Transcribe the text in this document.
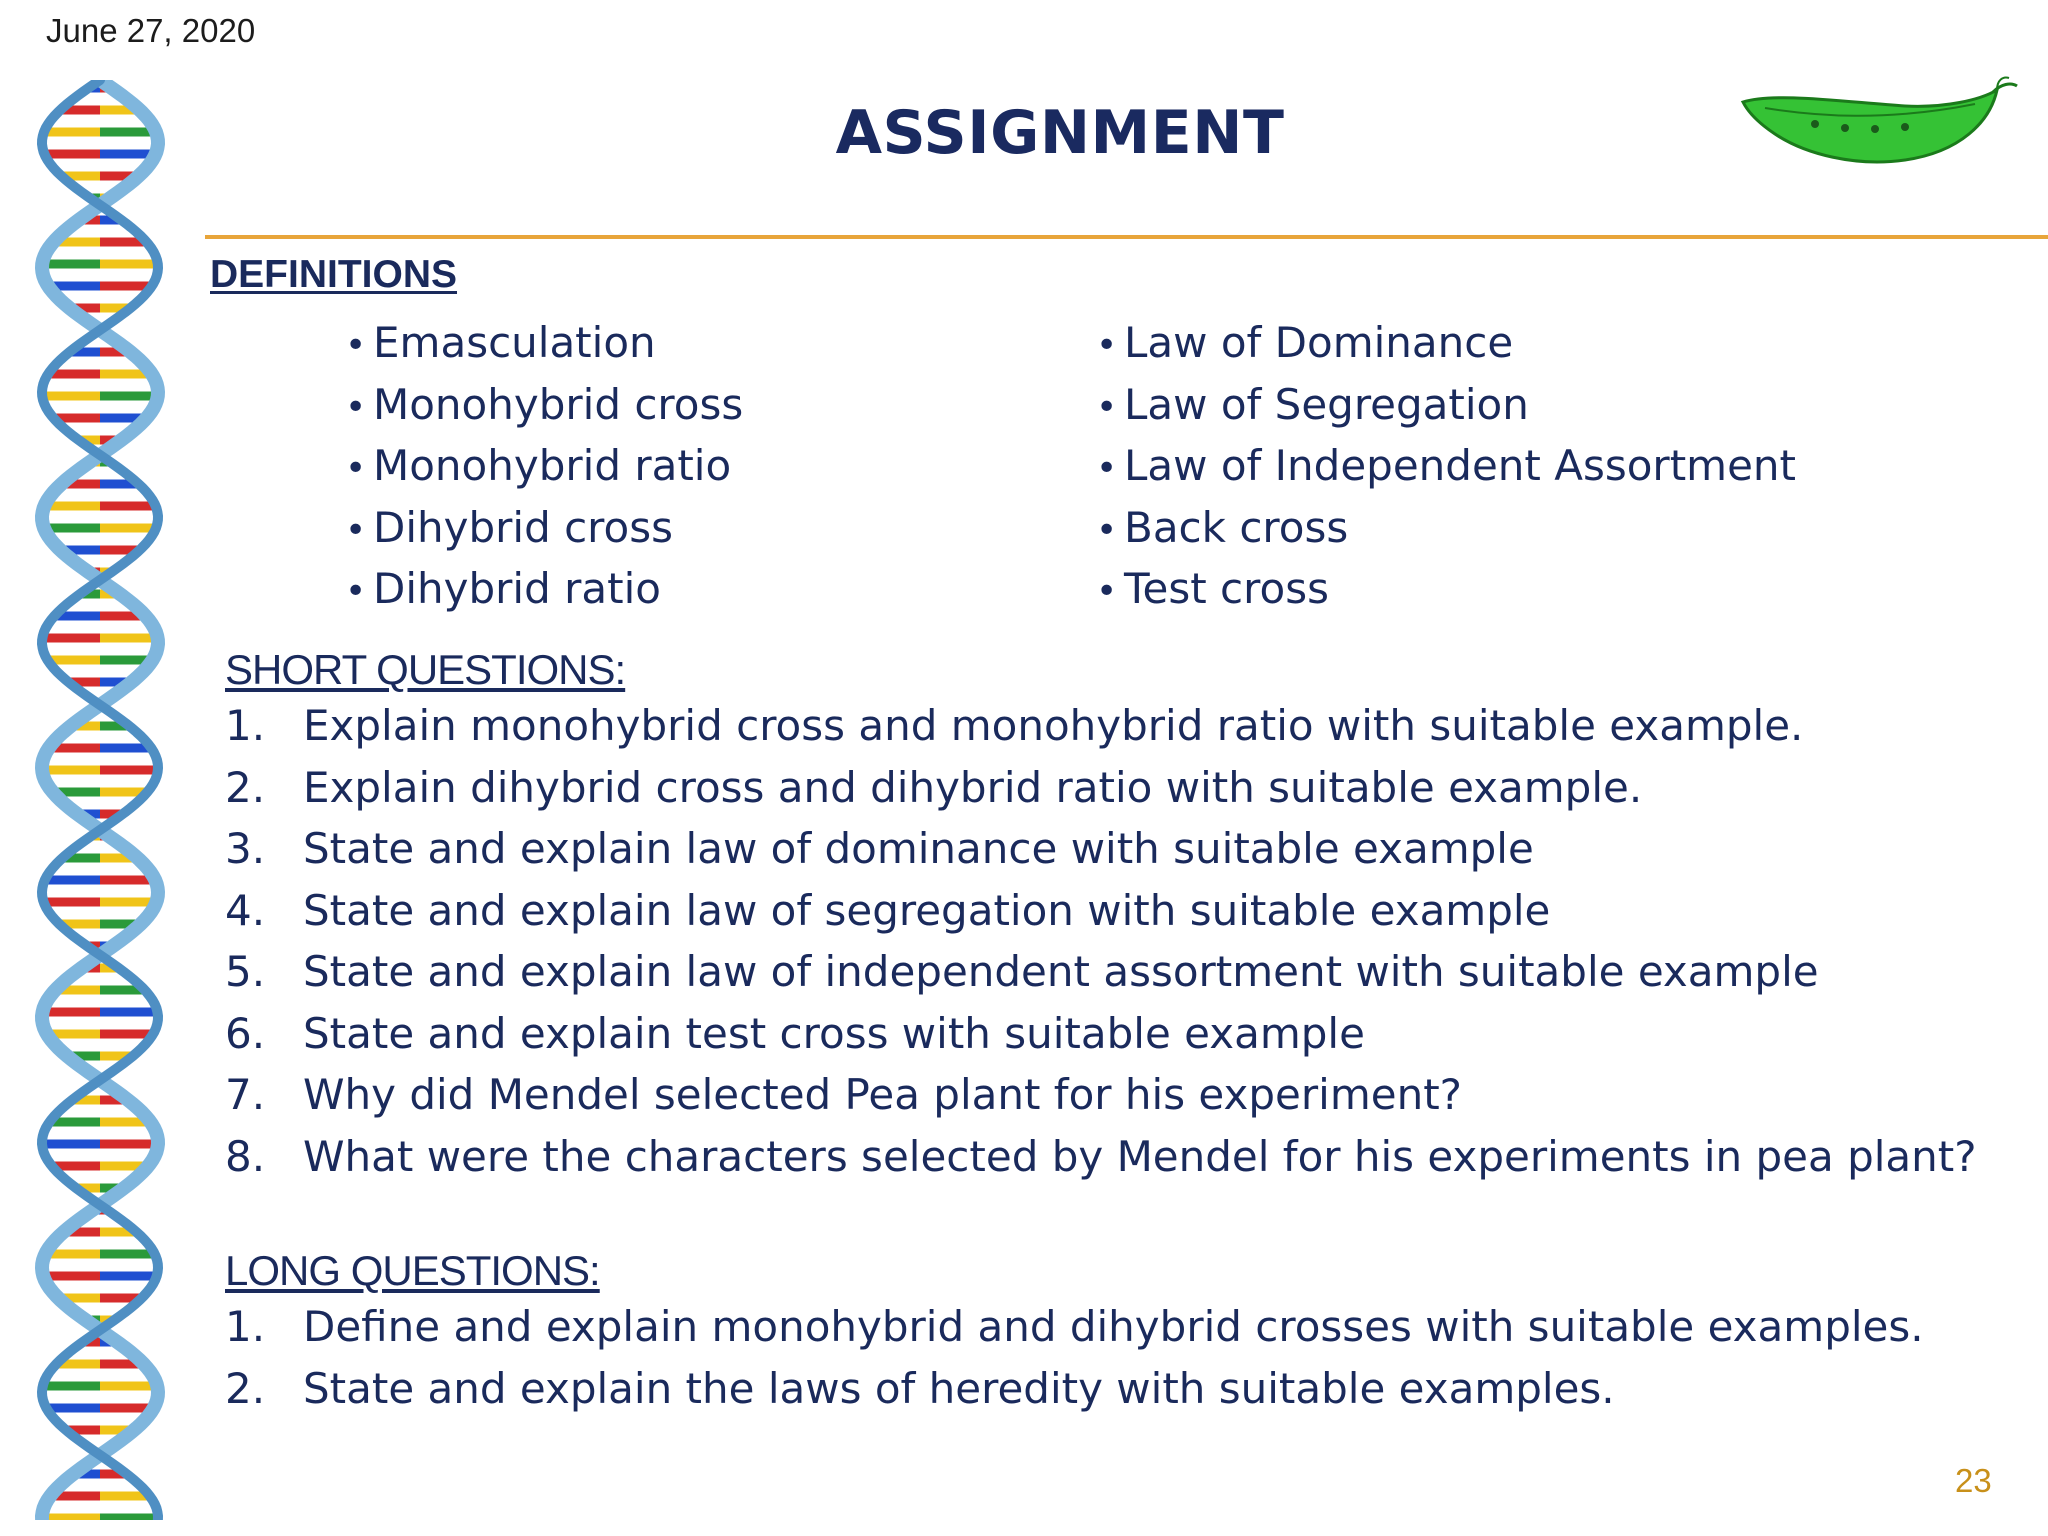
June 27, 2020
ASSIGNMENT
DEFINITIONS
• Emasculation
• Monohybrid cross
• Monohybrid ratio
• Dihybrid cross
• Dihybrid ratio
• Law of Dominance
• Law of Segregation
• Law of Independent Assortment
• Back cross
• Test cross
SHORT QUESTIONS:
1. Explain monohybrid cross and monohybrid ratio with suitable example.
2. Explain dihybrid cross and dihybrid ratio with suitable example.
3. State and explain law of dominance with suitable example
4. State and explain law of segregation with suitable example
5. State and explain law of independent assortment with suitable example
6. State and explain test cross with suitable example
7. Why did Mendel selected Pea plant for his experiment?
8. What were the characters selected by Mendel for his experiments in pea plant?
LONG QUESTIONS:
1. Define and explain monohybrid and dihybrid crosses with suitable examples.
2. State and explain the laws of heredity with suitable examples.
23
